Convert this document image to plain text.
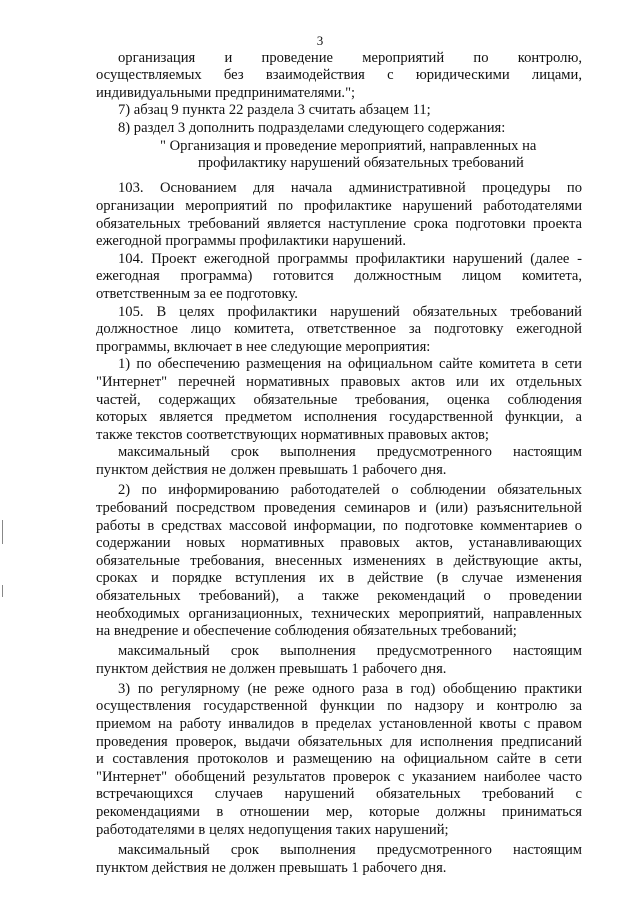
3
организация и проведение мероприятий по контролю,
осуществляемых без взаимодействия с юридическими лицами,
индивидуальными предпринимателями.";
7) абзац 9 пункта 22 раздела 3 считать абзацем 11;
8) раздел 3 дополнить подразделами следующего содержания:
" Организация и проведение мероприятий, направленных на
профилактику нарушений обязательных требований
103. Основанием для начала административной процедуры по
организации мероприятий по профилактике нарушений работодателями
обязательных требований является наступление срока подготовки проекта
ежегодной программы профилактики нарушений.
104. Проект ежегодной программы профилактики нарушений (далее -
ежегодная программа) готовится должностным лицом комитета,
ответственным за ее подготовку.
105. В целях профилактики нарушений обязательных требований
должностное лицо комитета, ответственное за подготовку ежегодной
программы, включает в нее следующие мероприятия:
1) по обеспечению размещения на официальном сайте комитета в сети
"Интернет" перечней нормативных правовых актов или их отдельных
частей, содержащих обязательные требования, оценка соблюдения
которых является предметом исполнения государственной функции, а
также текстов соответствующих нормативных правовых актов;
максимальный срок выполнения предусмотренного настоящим
пунктом действия не должен превышать 1 рабочего дня.
2) по информированию работодателей о соблюдении обязательных
требований посредством проведения семинаров и (или) разъяснительной
работы в средствах массовой информации, по подготовке комментариев о
содержании новых нормативных правовых актов, устанавливающих
обязательные требования, внесенных изменениях в действующие акты,
сроках и порядке вступления их в действие (в случае изменения
обязательных требований), а также рекомендаций о проведении
необходимых организационных, технических мероприятий, направленных
на внедрение и обеспечение соблюдения обязательных требований;
максимальный срок выполнения предусмотренного настоящим
пунктом действия не должен превышать 1 рабочего дня.
3) по регулярному (не реже одного раза в год) обобщению практики
осуществления государственной функции по надзору и контролю за
приемом на работу инвалидов в пределах установленной квоты с правом
проведения проверок, выдачи обязательных для исполнения предписаний
и составления протоколов и размещению на официальном сайте в сети
"Интернет" обобщений результатов проверок с указанием наиболее часто
встречающихся случаев нарушений обязательных требований с
рекомендациями в отношении мер, которые должны приниматься
работодателями в целях недопущения таких нарушений;
максимальный срок выполнения предусмотренного настоящим
пунктом действия не должен превышать 1 рабочего дня.
